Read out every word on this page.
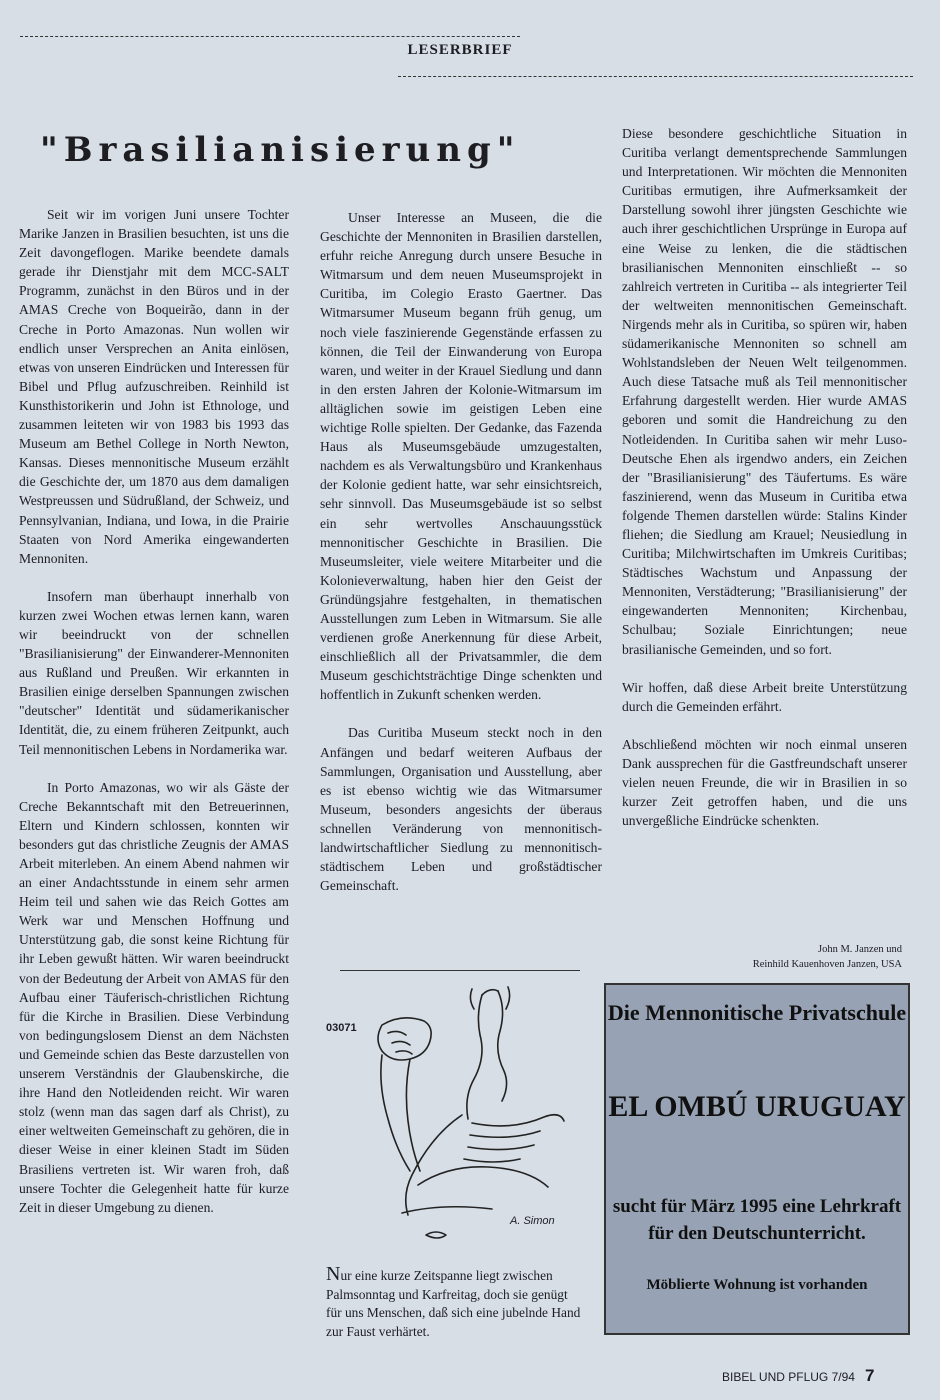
LESERBRIEF
"Brasilianisierung"

Seit wir im vorigen Juni unsere Tochter Marike Janzen in Brasilien besuchten, ist uns die Zeit davongeflogen. Marike beendete damals gerade ihr Dienstjahr mit dem MCC-SALT Programm, zunächst in den Büros und in der AMAS Creche von Boqueirão, dann in der Creche in Porto Amazonas. Nun wollen wir endlich unser Versprechen an Anita einlösen, etwas von unseren Eindrücken und Interessen für Bibel und Pflug aufzuschreiben. Reinhild ist Kunsthistorikerin und John ist Ethnologe, und zusammen leiteten wir von 1983 bis 1993 das Museum am Bethel College in North Newton, Kansas. Dieses mennonitische Museum erzählt die Geschichte der, um 1870 aus dem damaligen Westpreussen und Südrußland, der Schweiz, und Pennsylvanian, Indiana, und Iowa, in die Prairie Staaten von Nord Amerika eingewanderten Mennoniten.

Insofern man überhaupt innerhalb von kurzen zwei Wochen etwas lernen kann, waren wir beeindruckt von der schnellen "Brasilianisierung" der Einwanderer-Mennoniten aus Rußland und Preußen. Wir erkannten in Brasilien einige derselben Spannungen zwischen "deutscher" Identität und südamerikanischer Identität, die, zu einem früheren Zeitpunkt, auch Teil mennonitischen Lebens in Nordamerika war.

In Porto Amazonas, wo wir als Gäste der Creche Bekanntschaft mit den Betreuerinnen, Eltern und Kindern schlossen, konnten wir besonders gut das christliche Zeugnis der AMAS Arbeit miterleben. An einem Abend nahmen wir an einer Andachtsstunde in einem sehr armen Heim teil und sahen wie das Reich Gottes am Werk war und Menschen Hoffnung und Unterstützung gab, die sonst keine Richtung für ihr Leben gewußt hätten. Wir waren beeindruckt von der Bedeutung der Arbeit von AMAS für den Aufbau einer Täuferisch-christlichen Richtung für die Kirche in Brasilien. Diese Verbindung von bedingungslosem Dienst an dem Nächsten und Gemeinde schien das Beste darzustellen von unserem Verständnis der Glaubenskirche, die ihre Hand den Notleidenden reicht. Wir waren stolz (wenn man das sagen darf als Christ), zu einer weltweiten Gemeinschaft zu gehören, die in dieser Weise in einer kleinen Stadt im Süden Brasiliens vertreten ist. Wir waren froh, daß unsere Tochter die Gelegenheit hatte für kurze Zeit in dieser Umgebung zu dienen.

Unser Interesse an Museen, die die Geschichte der Mennoniten in Brasilien darstellen, erfuhr reiche Anregung durch unsere Besuche in Witmarsum und dem neuen Museumsprojekt in Curitiba, im Colegio Erasto Gaertner. Das Witmarsumer Museum begann früh genug, um noch viele faszinierende Gegenstände erfassen zu können, die Teil der Einwanderung von Europa waren, und weiter in der Krauel Siedlung und dann in den ersten Jahren der Kolonie-Witmarsum im alltäglichen sowie im geistigen Leben eine wichtige Rolle spielten. Der Gedanke, das Fazenda Haus als Museumsgebäude umzugestalten, nachdem es als Verwaltungsbüro und Krankenhaus der Kolonie gedient hatte, war sehr einsichtsreich, sehr sinnvoll. Das Museumsgebäude ist so selbst ein sehr wertvolles Anschauungsstück mennonitischer Geschichte in Brasilien. Die Museumsleiter, viele weitere Mitarbeiter und die Kolonieverwaltung, haben hier den Geist der Gründüngsjahre festgehalten, in thematischen Ausstellungen zum Leben in Witmarsum. Sie alle verdienen große Anerkennung für diese Arbeit, einschließlich all der Privatsammler, die dem Museum geschichtsträchtige Dinge schenkten und hoffentlich in Zukunft schenken werden.

Das Curitiba Museum steckt noch in den Anfängen und bedarf weiteren Aufbaus der Sammlungen, Organisation und Ausstellung, aber es ist ebenso wichtig wie das Witmarsumer Museum, besonders angesichts der überaus schnellen Veränderung von mennonitisch-landwirtschaftlicher Siedlung zu mennonitisch-städtischem Leben und großstädtischer Gemeinschaft.

Diese besondere geschichtliche Situation in Curitiba verlangt dementsprechende Sammlungen und Interpretationen. Wir möchten die Mennoniten Curitibas ermutigen, ihre Aufmerksamkeit der Darstellung sowohl ihrer jüngsten Geschichte wie auch ihrer geschichtlichen Ursprünge in Europa auf eine Weise zu lenken, die die städtischen brasilianischen Mennoniten einschließt -- so zahlreich vertreten in Curitiba -- als integrierter Teil der weltweiten mennonitischen Gemeinschaft. Nirgends mehr als in Curitiba, so spüren wir, haben südamerikanische Mennoniten so schnell am Wohlstandsleben der Neuen Welt teilgenommen. Auch diese Tatsache muß als Teil mennonitischer Erfahrung dargestellt werden. Hier wurde AMAS geboren und somit die Handreichung zu den Notleidenden. In Curitiba sahen wir mehr Luso-Deutsche Ehen als irgendwo anders, ein Zeichen der "Brasilianisierung" des Täufertums. Es wäre faszinierend, wenn das Museum in Curitiba etwa folgende Themen darstellen würde: Stalins Kinder fliehen; die Siedlung am Krauel; Neusiedlung in Curitiba; Milchwirtschaften im Umkreis Curitibas; Städtisches Wachstum und Anpassung der Mennoniten, Verstädterung; "Brasilianisierung" der eingewanderten Mennoniten; Kirchenbau, Schulbau; Soziale Einrichtungen; neue brasilianische Gemeinden, und so fort.

Wir hoffen, daß diese Arbeit breite Unterstützung durch die Gemeinden erfährt.

Abschließend möchten wir noch einmal unseren Dank aussprechen für die Gastfreundschaft unserer vielen neuen Freunde, die wir in Brasilien in so kurzer Zeit getroffen haben, und die uns unvergeßliche Eindrücke schenkten.

John M. Janzen und
Reinhild Kauenhoven Janzen, USA
03071
A. Simon
Nur eine kurze Zeitspanne liegt zwischen Palmsonntag und Karfreitag, doch sie genügt für uns Menschen, daß sich eine jubelnde Hand zur Faust verhärtet.
Die Mennonitische Privatschule
EL OMBÚ URUGUAY
sucht für März 1995 eine Lehrkraft für den Deutschunterricht.
Möblierte Wohnung ist vorhanden
BIBEL UND PFLUG 7/94 7
